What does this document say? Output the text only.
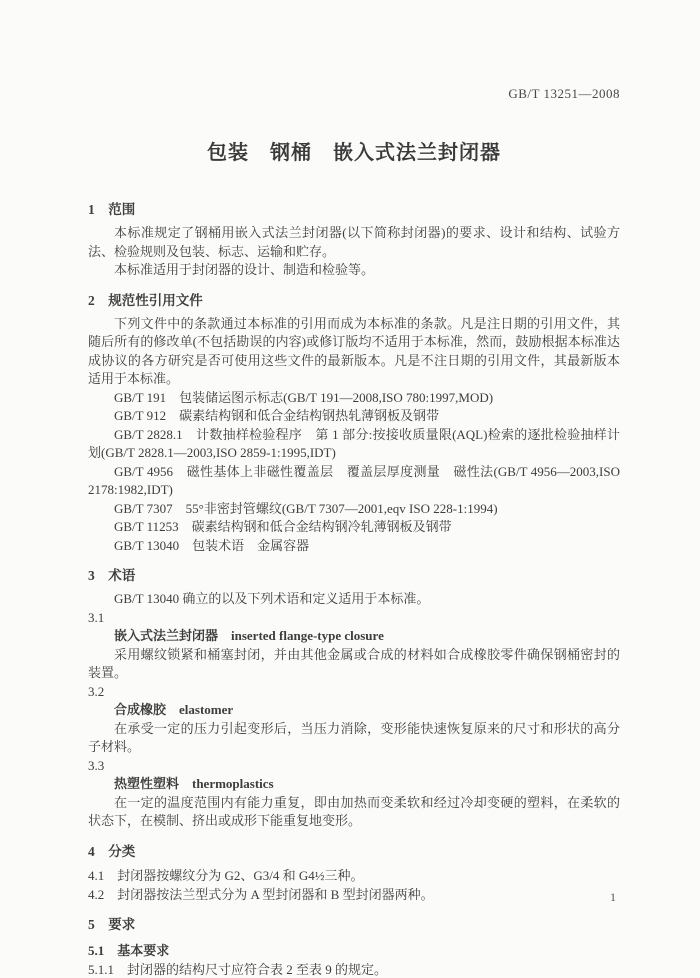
GB/T 13251—2008
包装　钢桶　嵌入式法兰封闭器
1　范围
本标准规定了钢桶用嵌入式法兰封闭器(以下简称封闭器)的要求、设计和结构、试验方法、检验规则及包装、标志、运输和贮存。
本标准适用于封闭器的设计、制造和检验等。
2　规范性引用文件
下列文件中的条款通过本标准的引用而成为本标准的条款。凡是注日期的引用文件，其随后所有的修改单(不包括勘误的内容)或修订版均不适用于本标准，然而，鼓励根据本标准达成协议的各方研究是否可使用这些文件的最新版本。凡是不注日期的引用文件，其最新版本适用于本标准。
GB/T 191　包装储运图示标志(GB/T 191—2008,ISO 780:1997,MOD)
GB/T 912　碳素结构钢和低合金结构钢热轧薄钢板及钢带
GB/T 2828.1　计数抽样检验程序　第 1 部分:按接收质量限(AQL)检索的逐批检验抽样计划(GB/T 2828.1—2003,ISO 2859-1:1995,IDT)
GB/T 4956　磁性基体上非磁性覆盖层　覆盖层厚度测量　磁性法(GB/T 4956—2003,ISO 2178:1982,IDT)
GB/T 7307　55°非密封管螺纹(GB/T 7307—2001,eqv ISO 228-1:1994)
GB/T 11253　碳素结构钢和低合金结构钢冷轧薄钢板及钢带
GB/T 13040　包装术语　金属容器
3　术语
GB/T 13040 确立的以及下列术语和定义适用于本标准。
3.1
嵌入式法兰封闭器　inserted flange-type closure
采用螺纹锁紧和桶塞封闭，并由其他金属或合成的材料如合成橡胶零件确保钢桶密封的装置。
3.2
合成橡胶　elastomer
在承受一定的压力引起变形后，当压力消除，变形能快速恢复原来的尺寸和形状的高分子材料。
3.3
热塑性塑料　thermoplastics
在一定的温度范围内有能力重复，即由加热而变柔软和经过冷却变硬的塑料，在柔软的状态下，在模制、挤出或成形下能重复地变形。
4　分类
4.1　封闭器按螺纹分为 G2、G3/4 和 G4½三种。
4.2　封闭器按法兰型式分为 A 型封闭器和 B 型封闭器两种。
5　要求
5.1　基本要求
5.1.1　封闭器的结构尺寸应符合表 2 至表 9 的规定。
1
